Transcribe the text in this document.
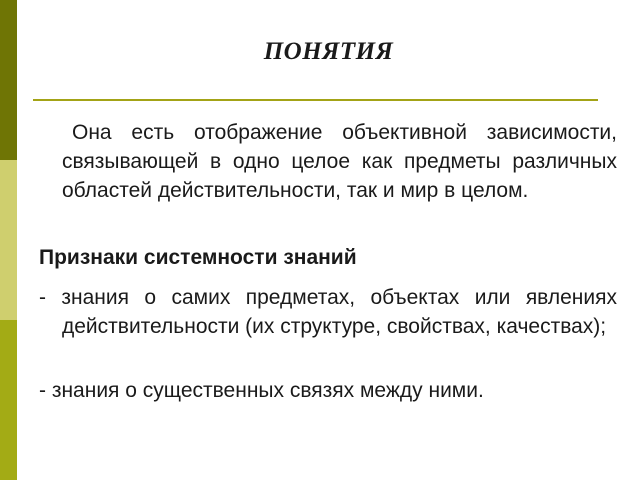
ПОНЯТИЯ
Она есть отображение объективной зависимости, связывающей в одно целое как предметы различных областей действительности, так и мир в целом.
Признаки системности знаний
- знания о самих предметах, объектах или явлениях действительности (их структуре, свойствах, качествах);
- знания о существенных связях между ними.
